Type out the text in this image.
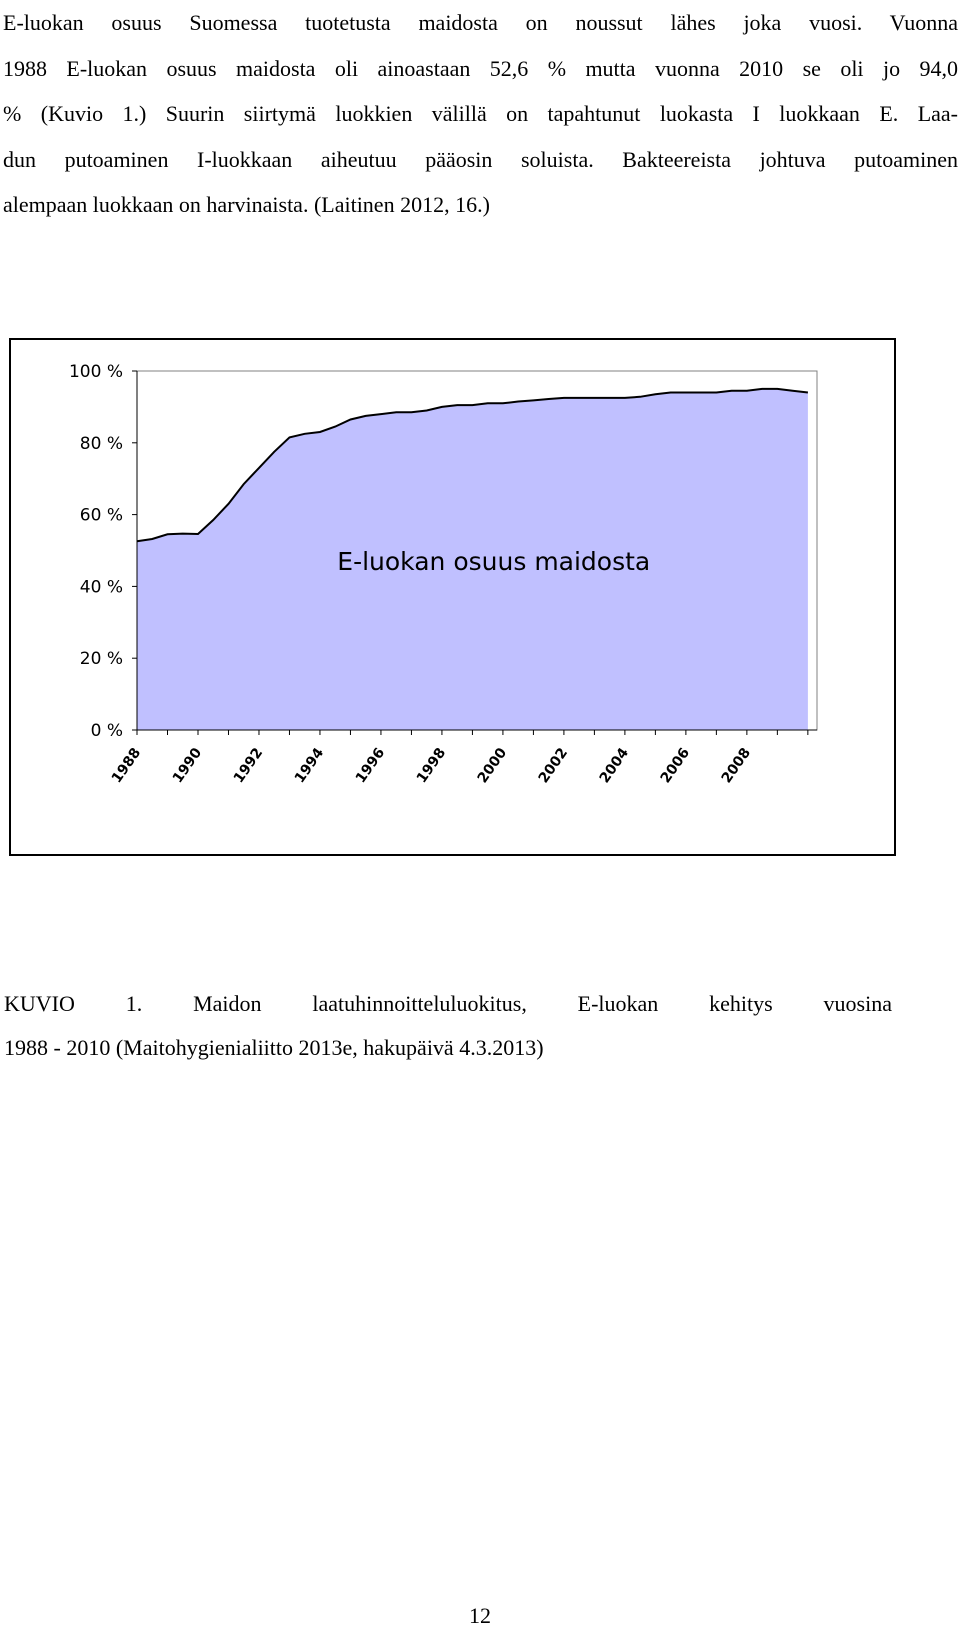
E-luokan osuus Suomessa tuotetusta maidosta on noussut lähes joka vuosi. Vuonna
1988 E-luokan osuus maidosta oli ainoastaan 52,6 % mutta vuonna 2010 se oli jo 94,0
% (Kuvio 1.) Suurin siirtymä luokkien välillä on tapahtunut luokasta I luokkaan E. Laa-
dun putoaminen I-luokkaan aiheutuu pääosin soluista. Bakteereista johtuva putoaminen
alempaan luokkaan on harvinaista. (Laitinen 2012, 16.)
0 %
20 %
40 %
60 %
80 %
100 %
1988 1990 1992 1994 1996 1998 2000 2002 2004 2006 2008
E-luokan osuus maidosta
KUVIO 1. Maidon laatuhinnoitteluluokitus, E-luokan kehitys vuosina
1988 - 2010 (Maitohygienialiitto 2013e, hakupäivä 4.3.2013)
12
